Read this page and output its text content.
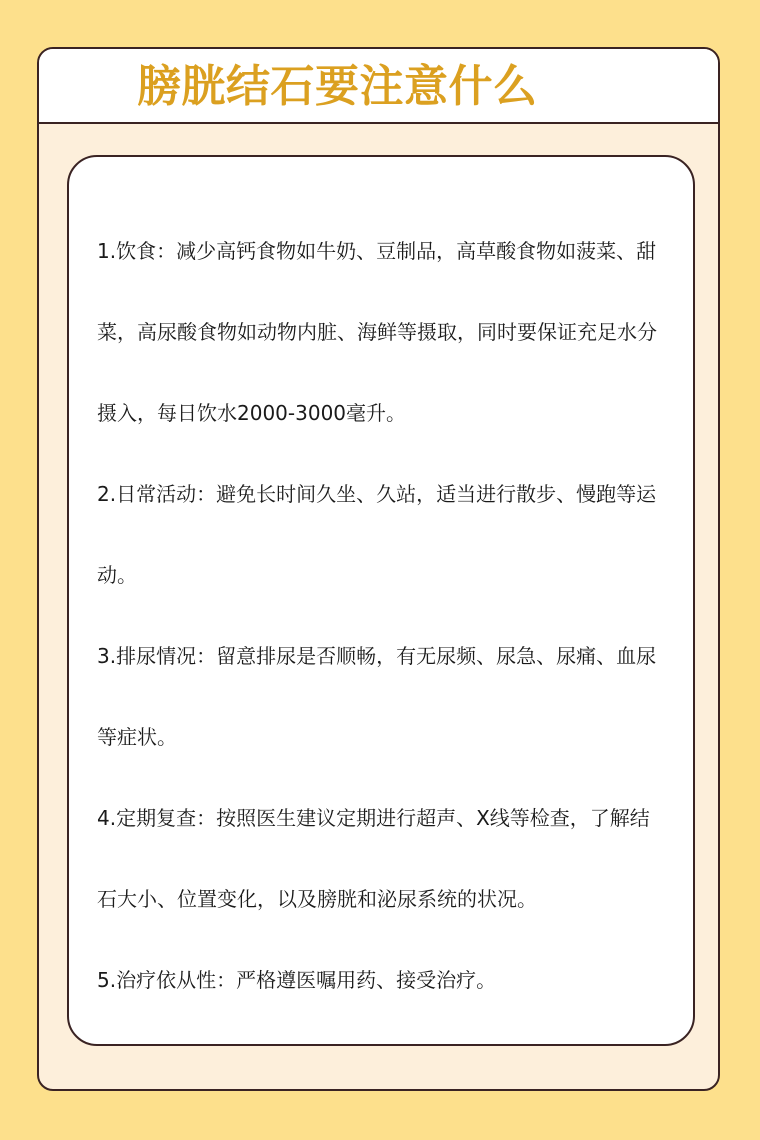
膀胱结石要注意什么

1.饮食：减少高钙食物如牛奶、豆制品，高草酸食物如菠菜、甜菜，高尿酸食物如动物内脏、海鲜等摄取，同时要保证充足水分摄入，每日饮水2000-3000毫升。

2.日常活动：避免长时间久坐、久站，适当进行散步、慢跑等运动。

3.排尿情况：留意排尿是否顺畅，有无尿频、尿急、尿痛、血尿等症状。

4.定期复查：按照医生建议定期进行超声、X线等检查，了解结石大小、位置变化，以及膀胱和泌尿系统的状况。

5.治疗依从性：严格遵医嘱用药、接受治疗。
